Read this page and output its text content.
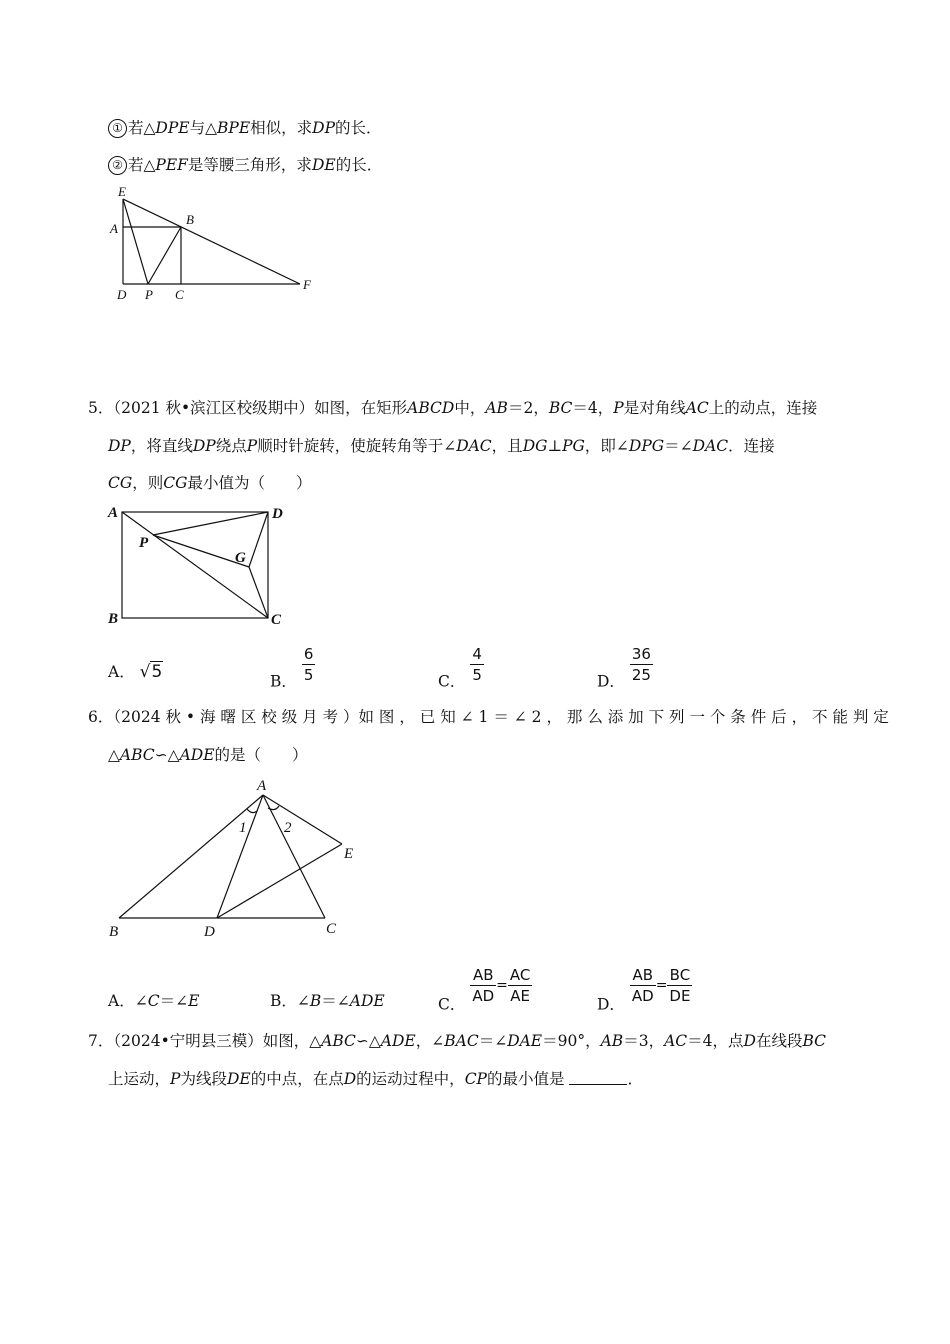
① 若△DPE与△BPE相似，求DP的长．
② 若△PEF是等腰三角形，求DE的长．
E
A
B
D P C
F
5．（2021 秋•滨江区校级期中）如图，在矩形ABCD中，AB＝2，BC＝4，P是对角线AC上的动点，连接
DP，将直线DP绕点P顺时针旋转，使旋转角等于∠DAC，且DG⊥PG，即∠DPG＝∠DAC．连接
CG，则CG最小值为（　　）
A	D
P
G
B	C
A． √5	B． $\frac{6}{5}$	C． $\frac{4}{5}$	D． $\frac{36}{25}$
6．（2024 秋 • 海 曙 区 校 级 月 考 ）如 图 ， 已 知 ∠ 1 ＝ ∠ 2 ， 那 么 添 加 下 列 一 个 条 件 后 ， 不 能 判 定
△ABC∽△ADE的是（　　）
A
1	2
E
B	D	C
A．∠C＝∠E	B．∠B＝∠ADE	C． $\frac{AB}{AD} = \frac{AC}{AE}$	D． $\frac{AB}{AD} = \frac{BC}{DE}$
7．（2024•宁明县三模）如图，△ABC∽△ADE，∠BAC＝∠DAE＝90°，AB＝3，AC＝4，点D在线段BC
上运动，P为线段DE的中点，在点D的运动过程中，CP的最小值是	．
